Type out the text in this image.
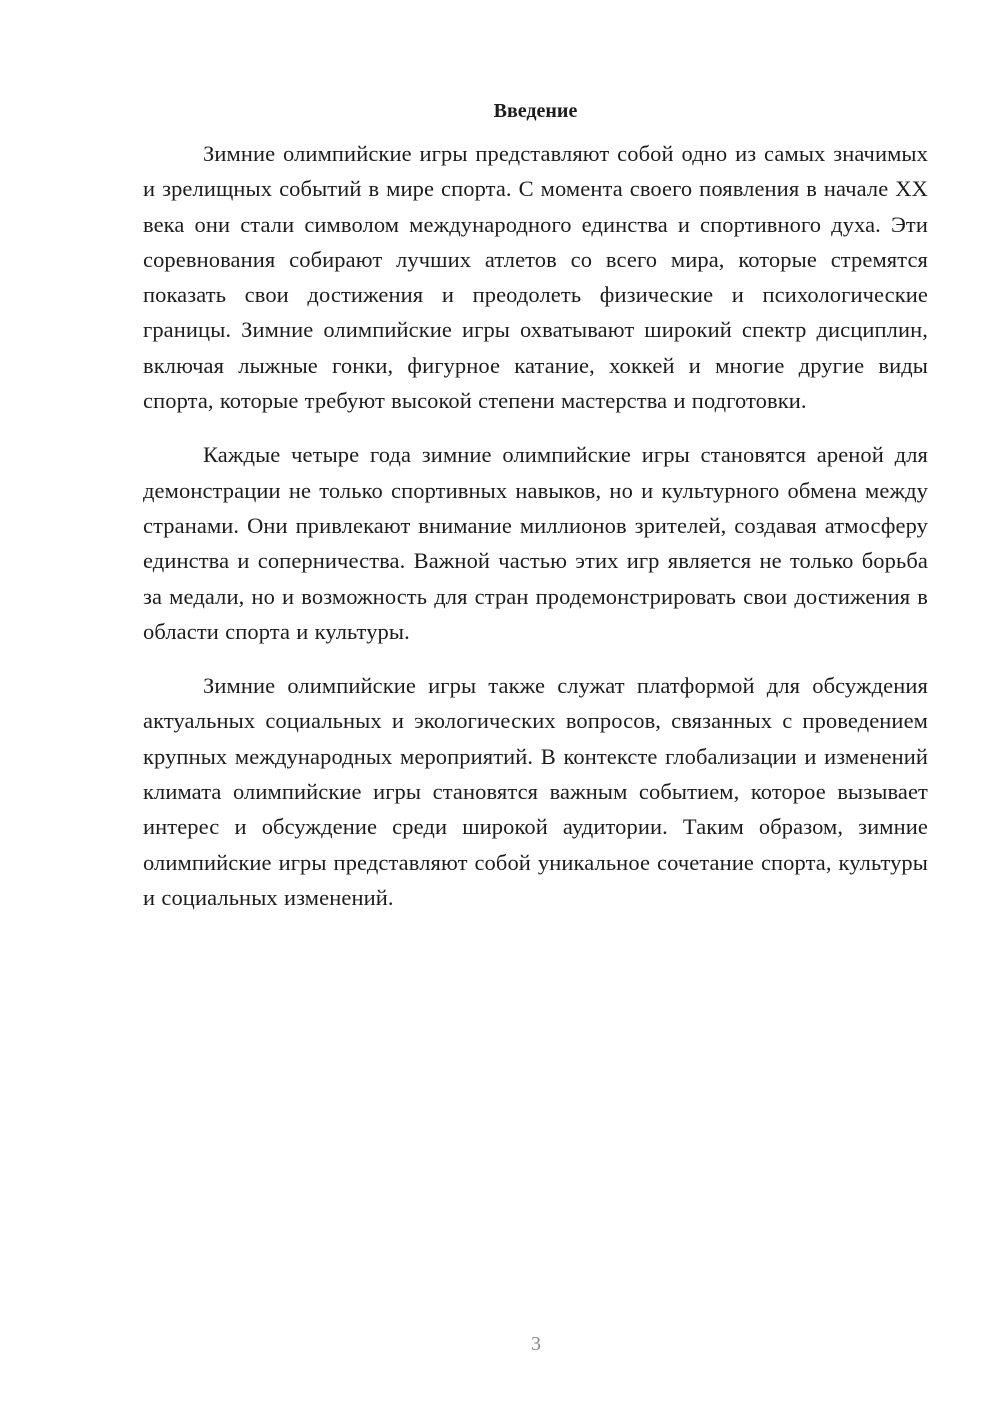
Введение

Зимние олимпийские игры представляют собой одно из самых значимых и зрелищных событий в мире спорта. С момента своего появления в начале XX века они стали символом международного единства и спортивного духа. Эти соревнования собирают лучших атлетов со всего мира, которые стремятся показать свои достижения и преодолеть физические и психологические границы. Зимние олимпийские игры охватывают широкий спектр дисциплин, включая лыжные гонки, фигурное катание, хоккей и многие другие виды спорта, которые требуют высокой степени мастерства и подготовки.

Каждые четыре года зимние олимпийские игры становятся ареной для демонстрации не только спортивных навыков, но и культурного обмена между странами. Они привлекают внимание миллионов зрителей, создавая атмосферу единства и соперничества. Важной частью этих игр является не только борьба за медали, но и возможность для стран продемонстрировать свои достижения в области спорта и культуры.

Зимние олимпийские игры также служат платформой для обсуждения актуальных социальных и экологических вопросов, связанных с проведением крупных международных мероприятий. В контексте глобализации и изменений климата олимпийские игры становятся важным событием, которое вызывает интерес и обсуждение среди широкой аудитории. Таким образом, зимние олимпийские игры представляют собой уникальное сочетание спорта, культуры и социальных изменений.

3
